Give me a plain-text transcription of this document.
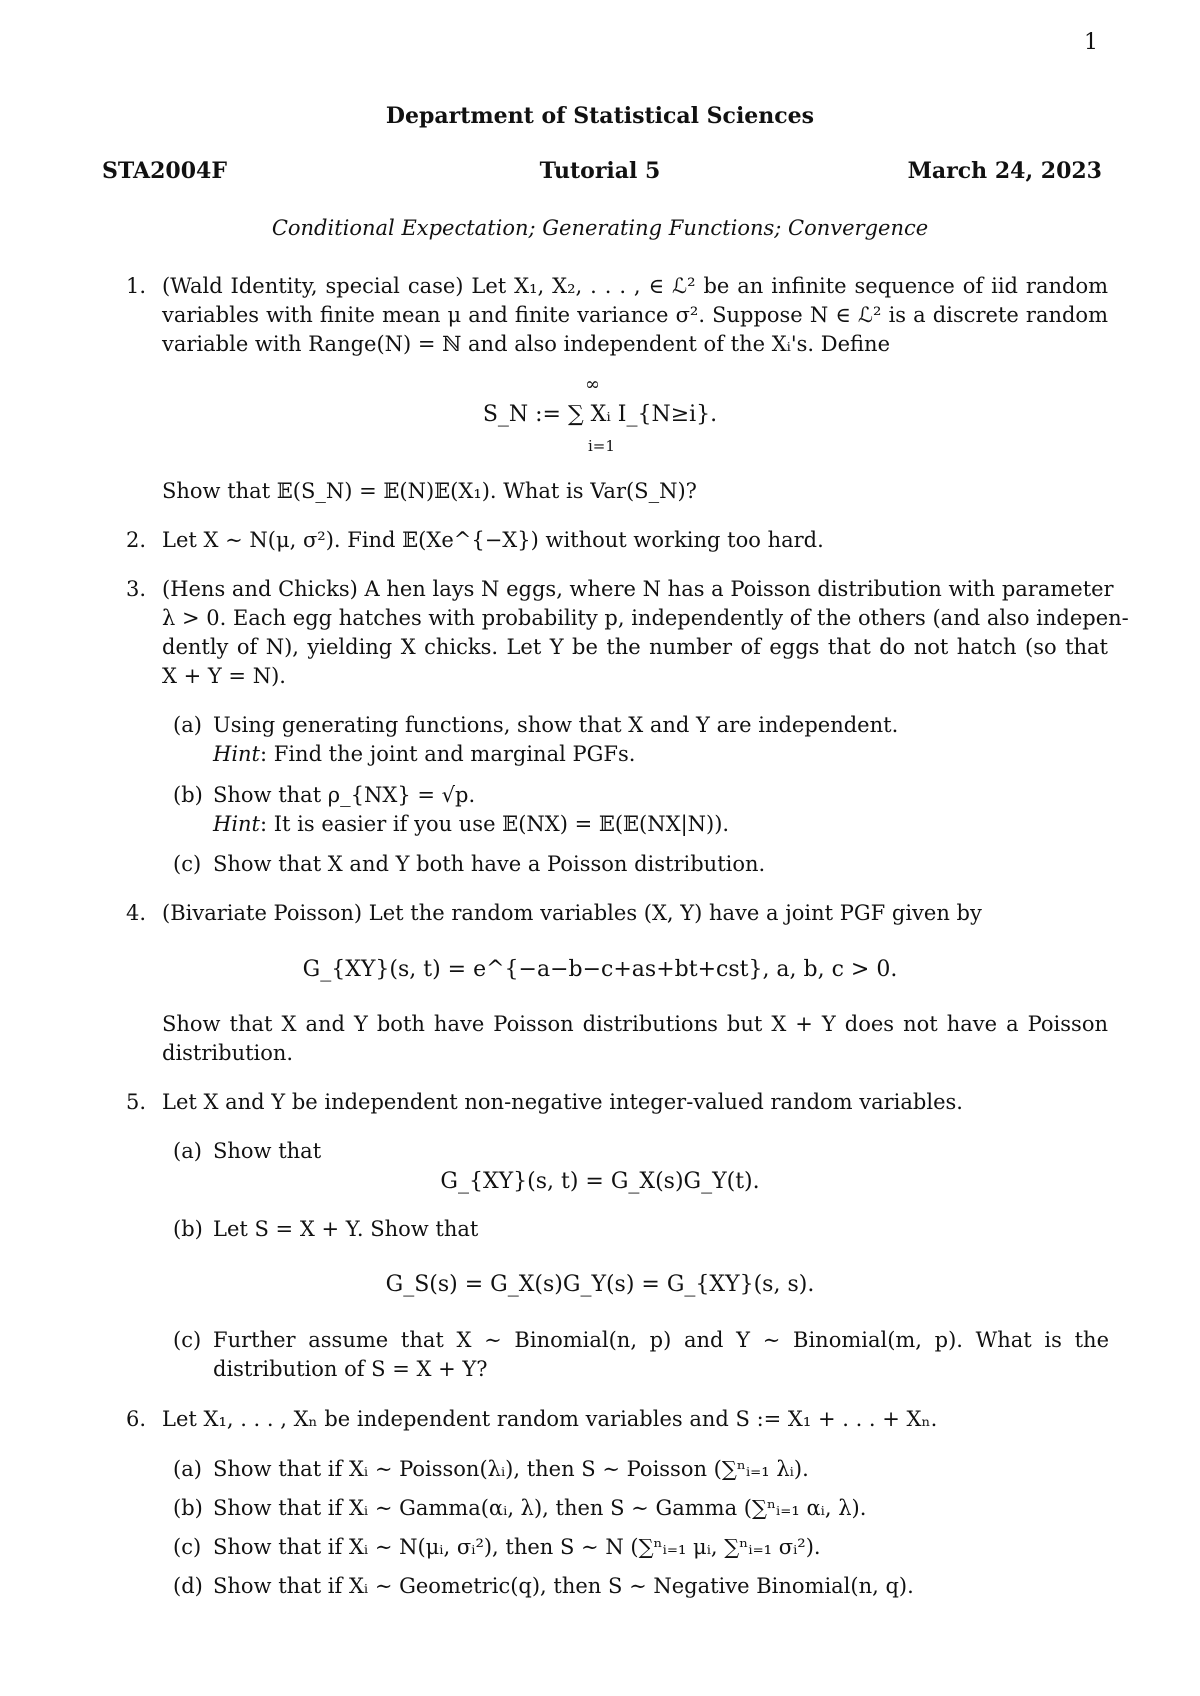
1
Department of Statistical Sciences
STA2004F	Tutorial 5	March 24, 2023
Conditional Expectation; Generating Functions; Convergence
1. (Wald Identity, special case) Let X₁, X₂, . . . , ∈ ℒ² be an infinite sequence of iid random
variables with finite mean μ and finite variance σ². Suppose N ∈ ℒ² is a discrete random
variable with Range(N) = ℕ and also independent of the Xᵢ's. Define
∞
S_N := ∑ Xᵢ I_{N≥i}.
i=1
Show that 𝔼(S_N) = 𝔼(N)𝔼(X₁). What is Var(S_N)?
2. Let X ∼ N(μ, σ²). Find 𝔼(Xe^{−X}) without working too hard.
3. (Hens and Chicks) A hen lays N eggs, where N has a Poisson distribution with parameter
λ > 0. Each egg hatches with probability p, independently of the others (and also indepen-
dently of N), yielding X chicks. Let Y be the number of eggs that do not hatch (so that
X + Y = N).
(a) Using generating functions, show that X and Y are independent.
Hint: Find the joint and marginal PGFs.
(b) Show that ρ_{NX} = √p.
Hint: It is easier if you use 𝔼(NX) = 𝔼(𝔼(NX|N)).
(c) Show that X and Y both have a Poisson distribution.
4. (Bivariate Poisson) Let the random variables (X, Y) have a joint PGF given by
G_{XY}(s, t) = e^{−a−b−c+as+bt+cst}, a, b, c > 0.
Show that X and Y both have Poisson distributions but X + Y does not have a Poisson
distribution.
5. Let X and Y be independent non-negative integer-valued random variables.
(a) Show that
G_{XY}(s, t) = G_X(s)G_Y(t).
(b) Let S = X + Y. Show that
G_S(s) = G_X(s)G_Y(s) = G_{XY}(s, s).
(c) Further assume that X ∼ Binomial(n, p) and Y ∼ Binomial(m, p). What is the
distribution of S = X + Y?
6. Let X₁, . . . , Xₙ be independent random variables and S := X₁ + . . . + Xₙ.
(a) Show that if Xᵢ ∼ Poisson(λᵢ), then S ∼ Poisson (∑ⁿᵢ₌₁ λᵢ).
(b) Show that if Xᵢ ∼ Gamma(αᵢ, λ), then S ∼ Gamma (∑ⁿᵢ₌₁ αᵢ, λ).
(c) Show that if Xᵢ ∼ N(μᵢ, σᵢ²), then S ∼ N (∑ⁿᵢ₌₁ μᵢ, ∑ⁿᵢ₌₁ σᵢ²).
(d) Show that if Xᵢ ∼ Geometric(q), then S ∼ Negative Binomial(n, q).
